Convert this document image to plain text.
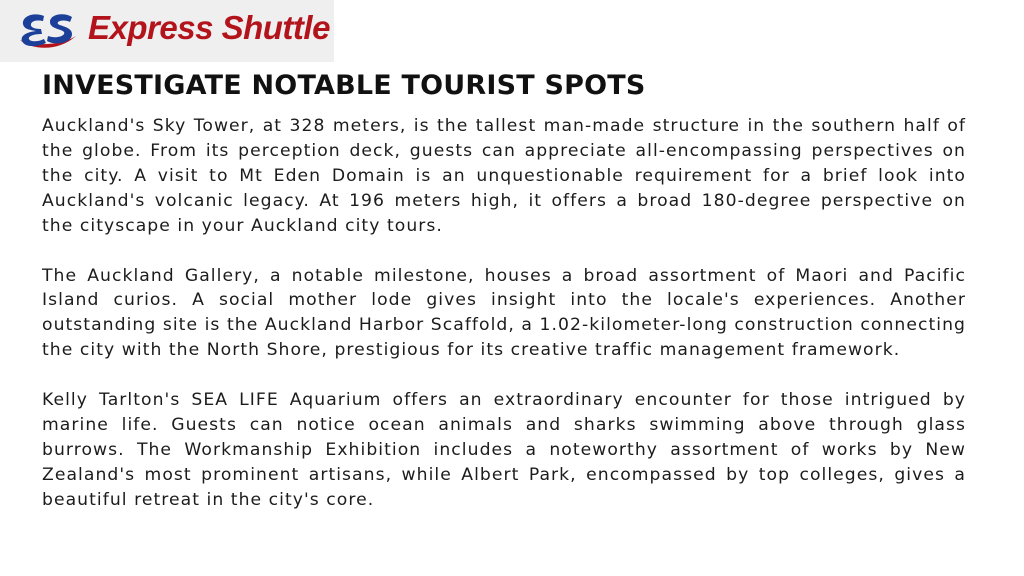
Express Shuttle
INVESTIGATE NOTABLE TOURIST SPOTS

Auckland's Sky Tower, at 328 meters, is the tallest man-made structure in the southern half of the globe. From its perception deck, guests can appreciate all-encompassing perspectives on the city. A visit to Mt Eden Domain is an unquestionable requirement for a brief look into Auckland's volcanic legacy. At 196 meters high, it offers a broad 180-degree perspective on the cityscape in your Auckland city tours.

The Auckland Gallery, a notable milestone, houses a broad assortment of Maori and Pacific Island curios. A social mother lode gives insight into the locale's experiences. Another outstanding site is the Auckland Harbor Scaffold, a 1.02-kilometer-long construction connecting the city with the North Shore, prestigious for its creative traffic management framework.

Kelly Tarlton's SEA LIFE Aquarium offers an extraordinary encounter for those intrigued by marine life. Guests can notice ocean animals and sharks swimming above through glass burrows. The Workmanship Exhibition includes a noteworthy assortment of works by New Zealand's most prominent artisans, while Albert Park, encompassed by top colleges, gives a beautiful retreat in the city's core.
